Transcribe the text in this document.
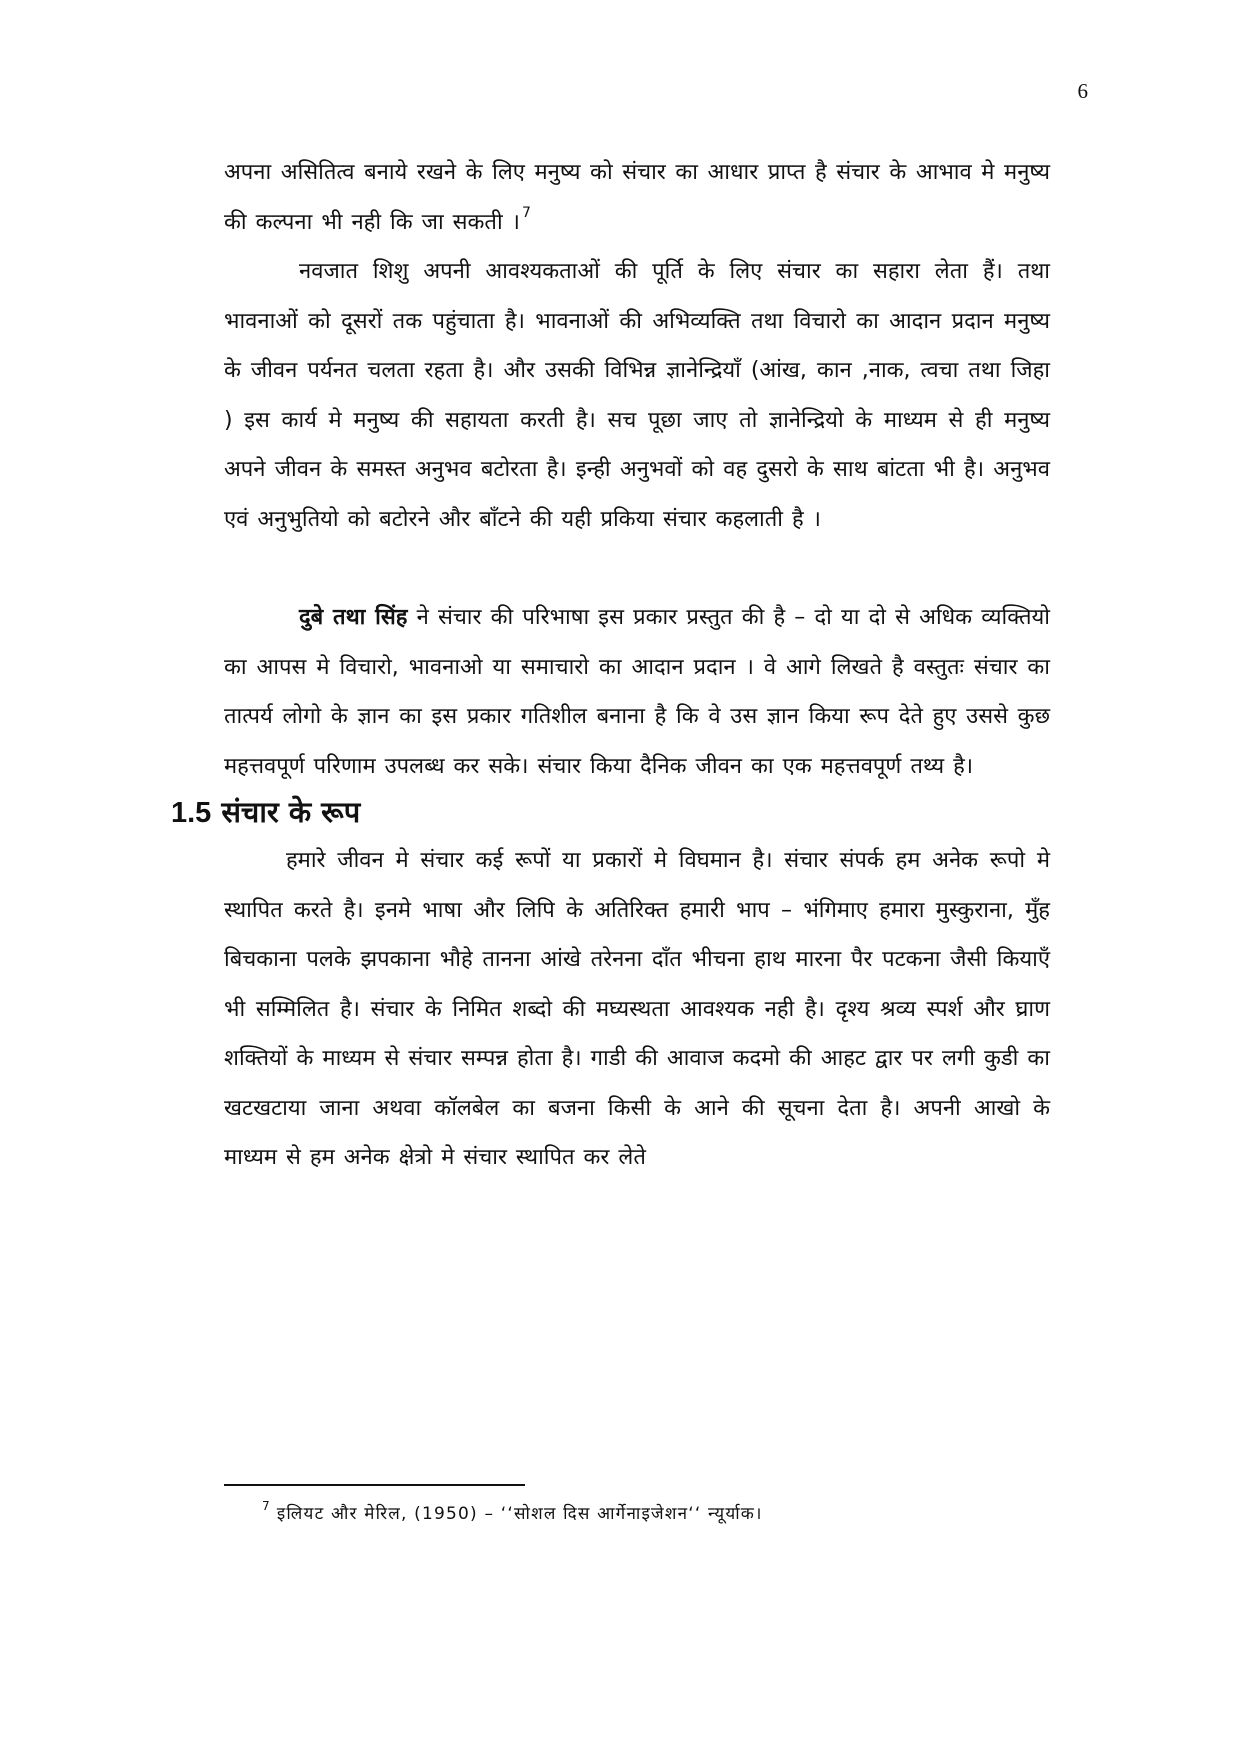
6

अपना असितित्व बनाये रखने के लिए मनुष्य को संचार का आधार प्राप्त है संचार के आभाव मे मनुष्य की कल्पना भी नही कि जा सकती । $^7$

नवजात शिशु अपनी आवश्यकताओं की पूर्ति के लिए संचार का सहारा लेता हैं। तथा भावनाओं को दूसरों तक पहुंचाता है। भावनाओं की अभिव्यक्ति तथा विचारो का आदान प्रदान मनुष्य के जीवन पर्यनत चलता रहता है। और उसकी विभिन्न ज्ञानेन्द्रियाँ (आंख, कान ,नाक, त्वचा तथा जिहा ) इस कार्य मे मनुष्य की सहायता करती है। सच पूछा जाए तो ज्ञानेन्द्रियो के माध्यम से ही मनुष्य अपने जीवन के समस्त अनुभव बटोरता है। इन्ही अनुभवों को वह दुसरो के साथ बांटता भी है। अनुभव एवं अनुभुतियो को बटोरने और बाँटने की यही प्रकिया संचार कहलाती है ।

दुबे तथा सिंह ने संचार की परिभाषा इस प्रकार प्रस्तुत की है – दो या दो से अधिक व्यक्तियो का आपस मे विचारो, भावनाओ या समाचारो का आदान प्रदान । वे आगे लिखते है वस्तुतः संचार का तात्पर्य लोगो के ज्ञान का इस प्रकार गतिशील बनाना है कि वे उस ज्ञान किया रूप देते हुए उससे कुछ महत्तवपूर्ण परिणाम उपलब्ध कर सके। संचार किया दैनिक जीवन का एक महत्तवपूर्ण तथ्य है।

1.5 संचार के रूप

हमारे जीवन मे संचार कई रूपों या प्रकारों मे विघमान है। संचार संपर्क हम अनेक रूपो मे स्थापित करते है। इनमे भाषा और लिपि के अतिरिक्त हमारी भाप – भंगिमाए हमारा मुस्कुराना, मुँह बिचकाना पलके झपकाना भौहे तानना आंखे तरेनना दाँत भीचना हाथ मारना पैर पटकना जैसी कियाएँ भी सम्मिलित है। संचार के निमित शब्दो की मघ्यस्थता आवश्यक नही है। दृश्य श्रव्य स्पर्श और घ्राण शक्तियों के माध्यम से संचार सम्पन्न होता है। गाडी की आवाज कदमो की आहट द्वार पर लगी कुडी का खटखटाया जाना अथवा कॉलबेल का बजना किसी के आने की सूचना देता है। अपनी आखो के माध्यम से हम अनेक क्षेत्रो मे संचार स्थापित कर लेते

$^7$ इलियट और मेरिल, (1950) – ‘‘सोशल दिस आर्गेनाइजेशन‘‘ न्यूर्याक।
